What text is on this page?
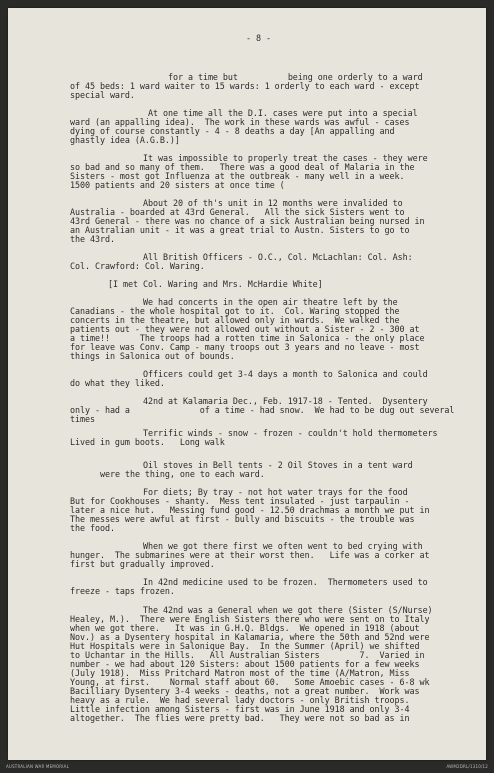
- 8 -
for a time but          being one orderly to a ward
of 45 beds: 1 ward waiter to 15 wards: 1 orderly to each ward - except
special ward.
At one time all the D.I. cases were put into a special
ward (an appalling idea).  The work in these wards was awful - cases
dying of course constantly - 4 - 8 deaths a day [An appalling and
ghastly idea (A.G.B.)]
It was impossible to properly treat the cases - they were
so bad and so many of them.   There was a good deal of Malaria in the
Sisters - most got Influenza at the outbreak - many well in a week.
1500 patients and 20 sisters at once time (
About 20 of th's unit in 12 months were invalided to
Australia - boarded at 43rd General.   All the sick Sisters went to
43rd General - there was no chance of a sick Australian being nursed in
an Australian unit - it was a great trial to Austn. Sisters to go to
the 43rd.
All British Officers - O.C., Col. McLachlan: Col. Ash:
Col. Crawford: Col. Waring.
[I met Col. Waring and Mrs. McHardie White]
We had concerts in the open air theatre left by the
Canadians - the whole hospital got to it.  Col. Waring stopped the
concerts in the theatre, but allowed only in wards.  We walked the
patients out - they were not allowed out without a Sister - 2 - 300 at
a time!!      The troops had a rotten time in Salonica - the only place
for leave was Conv. Camp - many troops out 3 years and no leave - most
things in Salonica out of bounds.
Officers could get 3-4 days a month to Salonica and could
do what they liked.
42nd at Kalamaria Dec., Feb. 1917-18 - Tented.  Dysentery
only - had a              of a time - had snow.  We had to be dug out several
times
Terrific winds - snow - frozen - couldn't hold thermometers
Lived in gum boots.   Long walk
Oil stoves in Bell tents - 2 Oil Stoves in a tent ward
were the thing, one to each ward.
For diets; By tray - not hot water trays for the food
But for Cookhouses - shanty.  Mess tent insulated - just tarpaulin -
later a nice hut.   Messing fund good - 12.50 drachmas a month we put in
The messes were awful at first - bully and biscuits - the trouble was
the food.
When we got there first we often went to bed crying with
hunger.  The submarines were at their worst then.   Life was a corker at
first but gradually improved.
In 42nd medicine used to be frozen.  Thermometers used to
freeze - taps frozen.
The 42nd was a General when we got there (Sister (S/Nurse)
Healey, M.).  There were English Sisters there who were sent on to Italy
when we got there.   It was in G.H.Q. Bldgs.  We opened in 1918 (about
Nov.) as a Dysentery hospital in Kalamaria, where the 50th and 52nd were
Hut Hospitals were in Salonique Bay.  In the Summer (April) we shifted
to Uchantar in the Hills.   All Australian Sisters        7.  Varied in
number - we had about 120 Sisters: about 1500 patients for a few weeks
(July 1918).  Miss Pritchard Matron most of the time (A/Matron, Miss
Young, at first.    Normal staff about 60.   Some Amoebic cases - 6-8 wk
Bacilliary Dysentery 3-4 weeks - deaths, not a great number.  Work was
heavy as a rule.  We had several lady doctors - only British troops.
Little infection among Sisters - first was in June 1918 and only 3-4
altogether.  The flies were pretty bad.   They were not so bad as in
AUSTRALIAN WAR MEMORIAL	AWM2DRL/1310/12
